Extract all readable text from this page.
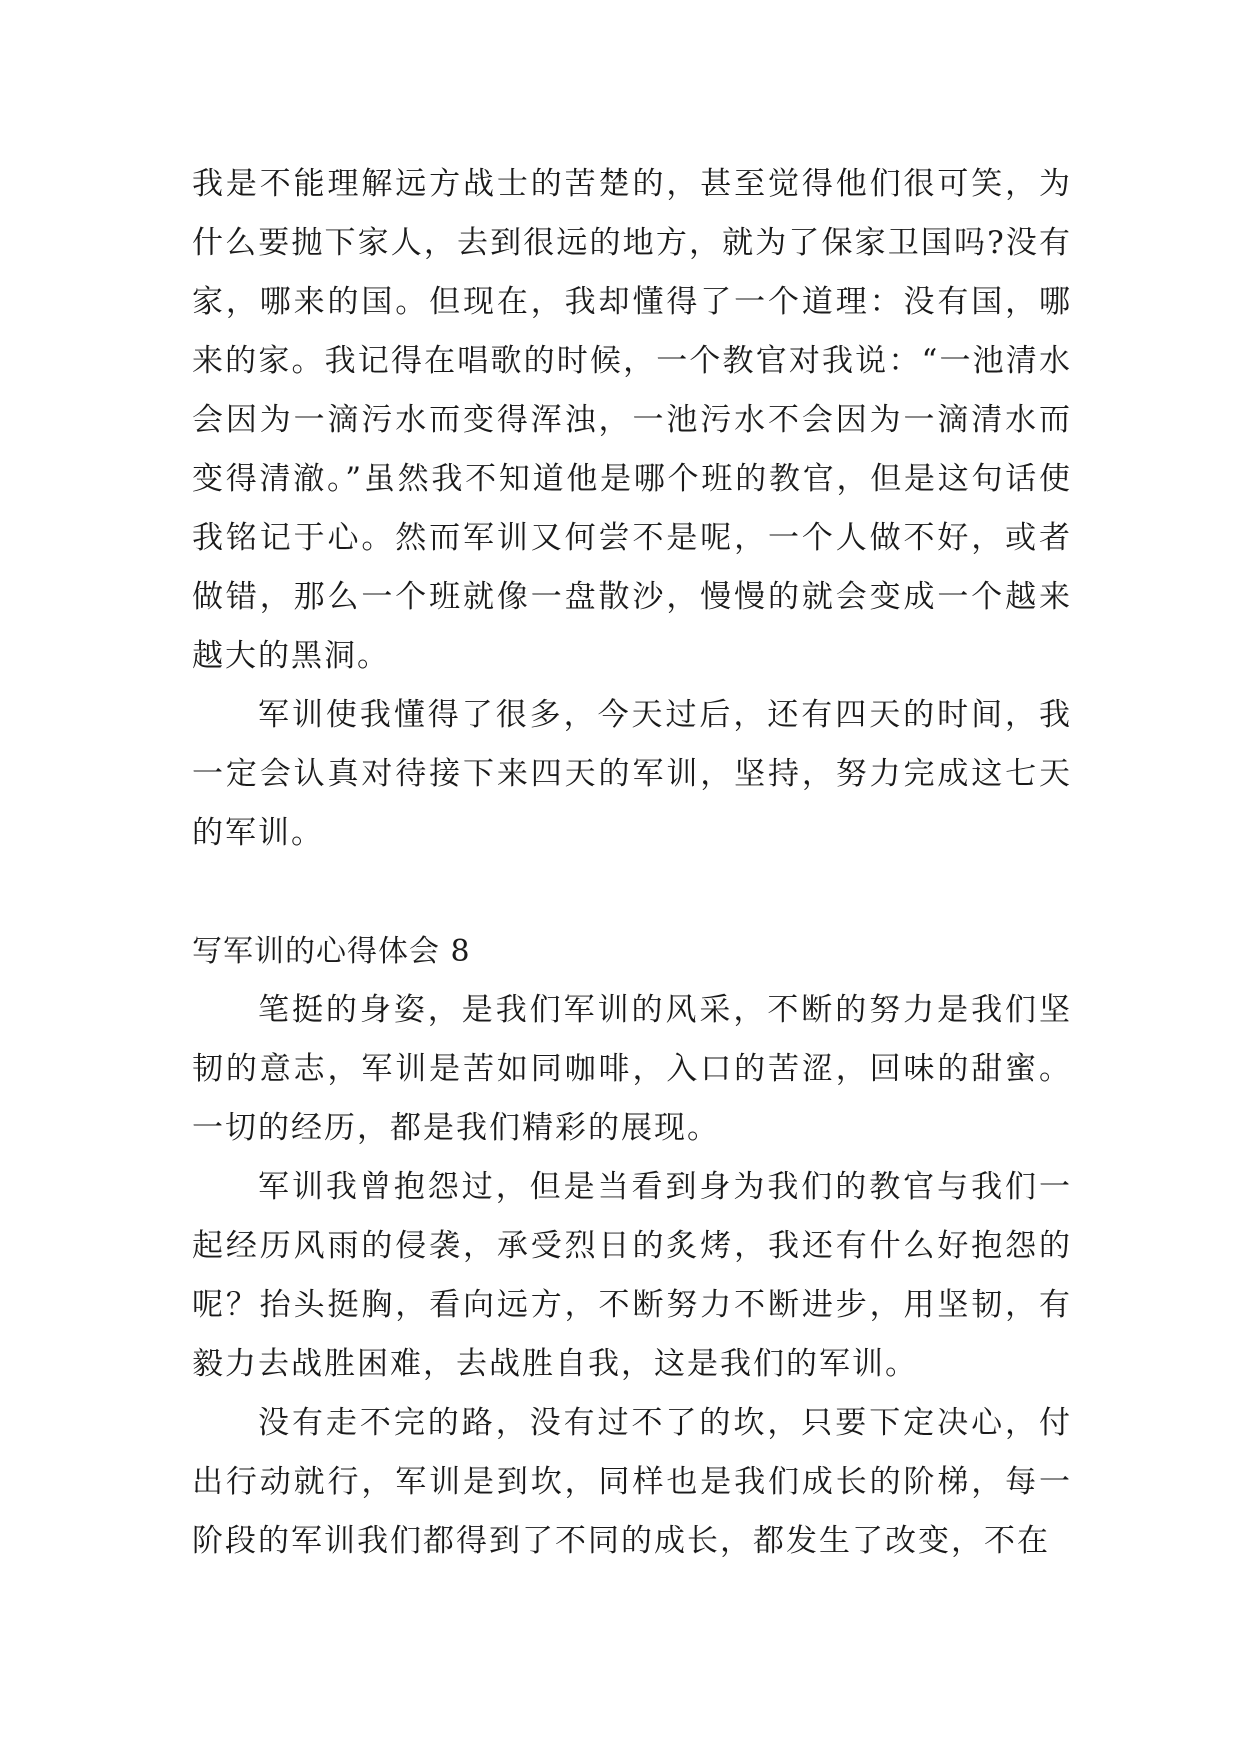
我是不能理解远方战士的苦楚的，甚至觉得他们很可笑，为什么要抛下家人，去到很远的地方，就为了保家卫国吗?没有家，哪来的国。但现在，我却懂得了一个道理：没有国，哪来的家。我记得在唱歌的时候，一个教官对我说：“一池清水会因为一滴污水而变得浑浊，一池污水不会因为一滴清水而变得清澈。”虽然我不知道他是哪个班的教官，但是这句话使我铭记于心。然而军训又何尝不是呢，一个人做不好，或者做错，那么一个班就像一盘散沙，慢慢的就会变成一个越来越大的黑洞。

军训使我懂得了很多，今天过后，还有四天的时间，我一定会认真对待接下来四天的军训，坚持，努力完成这七天的军训。

写军训的心得体会 8

笔挺的身姿，是我们军训的风采，不断的努力是我们坚韧的意志，军训是苦如同咖啡，入口的苦涩，回味的甜蜜。一切的经历，都是我们精彩的展现。

军训我曾抱怨过，但是当看到身为我们的教官与我们一起经历风雨的侵袭，承受烈日的炙烤，我还有什么好抱怨的呢？抬头挺胸，看向远方，不断努力不断进步，用坚韧，有毅力去战胜困难，去战胜自我，这是我们的军训。

没有走不完的路，没有过不了的坎，只要下定决心，付出行动就行，军训是到坎，同样也是我们成长的阶梯，每一阶段的军训我们都得到了不同的成长，都发生了改变，不在
